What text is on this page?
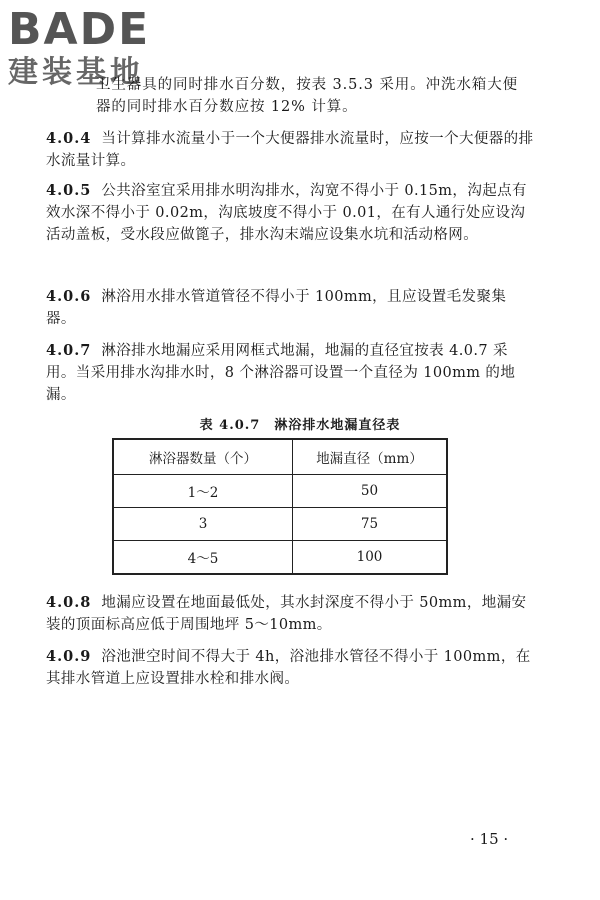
BADE
建装基地

卫生器具的同时排水百分数，按表 3.5.3 采用。冲洗水箱大便器的同时排水百分数应按 12% 计算。

4.0.4 当计算排水流量小于一个大便器排水流量时，应按一个大便器的排水流量计算。

4.0.5 公共浴室宜采用排水明沟排水，沟宽不得小于 0.15m，沟起点有效水深不得小于 0.02m，沟底坡度不得小于 0.01，在有人通行处应设沟活动盖板，受水段应做篦子，排水沟末端应设集水坑和活动格网。

4.0.6 淋浴用水排水管道管径不得小于 100mm，且应设置毛发聚集器。

4.0.7 淋浴排水地漏应采用网框式地漏，地漏的直径宜按表 4.0.7 采用。当采用排水沟排水时，8 个淋浴器可设置一个直径为 100mm 的地漏。

表 4.0.7　淋浴排水地漏直径表
淋浴器数量（个）	地漏直径（mm）
1～2	50
3	75
4～5	100

4.0.8 地漏应设置在地面最低处，其水封深度不得小于 50mm，地漏安装的顶面标高应低于周围地坪 5～10mm。

4.0.9 浴池泄空时间不得大于 4h，浴池排水管径不得小于 100mm，在其排水管道上应设置排水栓和排水阀。

· 15 ·
